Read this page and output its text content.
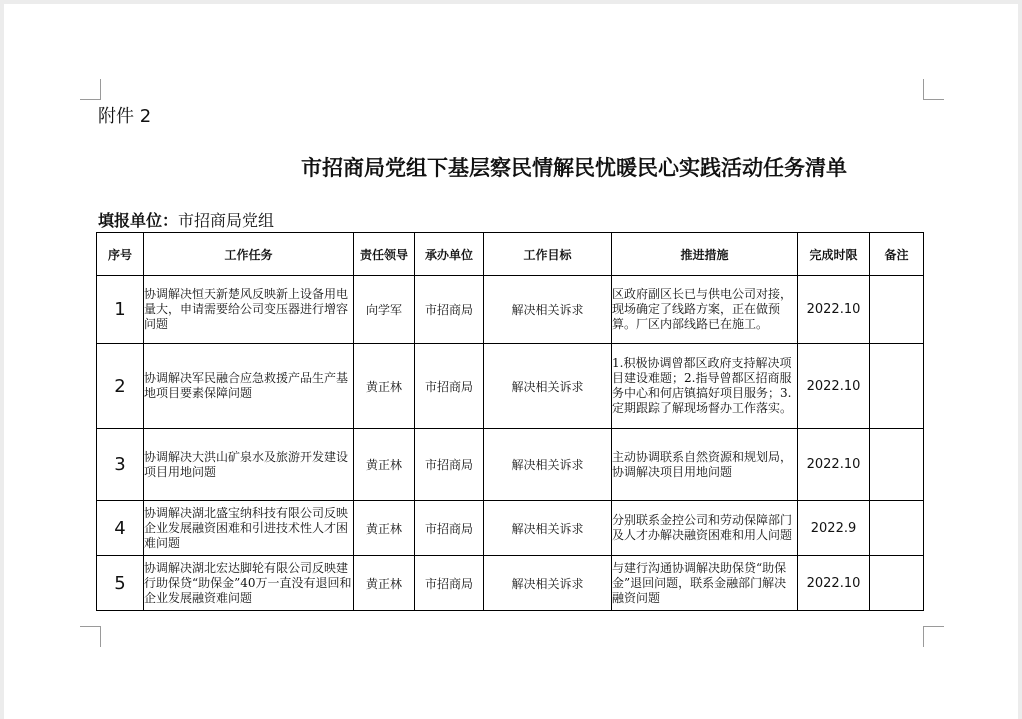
附件 2
市招商局党组下基层察民情解民忧暖民心实践活动任务清单
填报单位：市招商局党组
序号	工作任务	责任领导	承办单位	工作目标	推进措施	完成时限	备注
1	协调解决恒天新楚风反映新上设备用电量大，申请需要给公司变压器进行增容问题	向学军	市招商局	解决相关诉求	区政府副区长已与供电公司对接，现场确定了线路方案，正在做预算。厂区内部线路已在施工。	2022.10	
2	协调解决军民融合应急救援产品生产基地项目要素保障问题	黄正林	市招商局	解决相关诉求	1.积极协调曾都区政府支持解决项目建设难题；2.指导曾都区招商服务中心和何店镇搞好项目服务；3.定期跟踪了解现场督办工作落实。	2022.10	
3	协调解决大洪山矿泉水及旅游开发建设项目用地问题	黄正林	市招商局	解决相关诉求	主动协调联系自然资源和规划局，协调解决项目用地问题	2022.10	
4	协调解决湖北盛宝纳科技有限公司反映企业发展融资困难和引进技术性人才困难问题	黄正林	市招商局	解决相关诉求	分别联系金控公司和劳动保障部门及人才办解决融资困难和用人问题	2022.9	
5	协调解决湖北宏达脚轮有限公司反映建行助保贷“助保金”40万一直没有退回和企业发展融资难问题	黄正林	市招商局	解决相关诉求	与建行沟通协调解决助保贷“助保金”退回问题，联系金融部门解决融资问题	2022.10	
